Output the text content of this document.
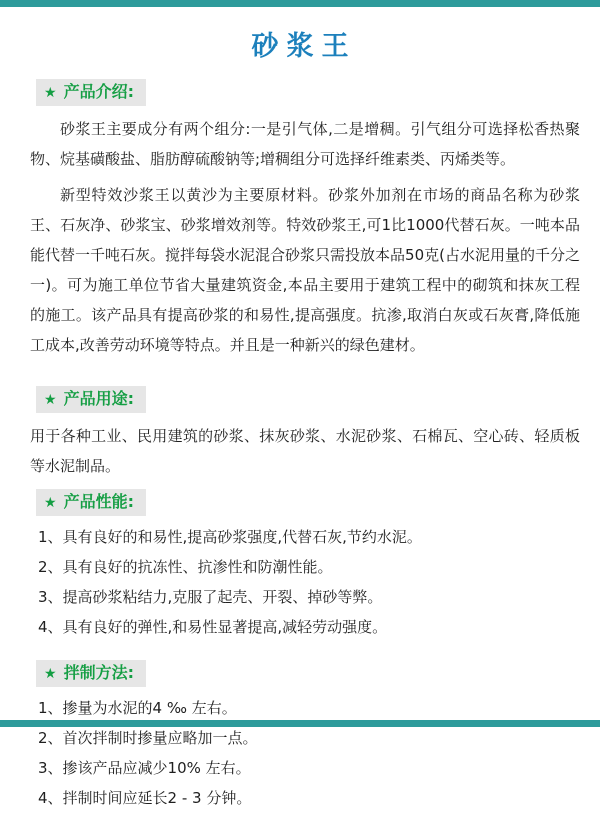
砂浆王
★ 产品介绍:

砂浆王主要成分有两个组分:一是引气体,二是增稠。引气组分可选择松香热聚物、烷基磺酸盐、脂肪醇硫酸钠等;增稠组分可选择纤维素类、丙烯类等。

新型特效沙浆王以黄沙为主要原材料。砂浆外加剂在市场的商品名称为砂浆王、石灰净、砂浆宝、砂浆增效剂等。特效砂浆王,可1比1000代替石灰。一吨本品能代替一千吨石灰。搅拌每袋水泥混合砂浆只需投放本品50克(占水泥用量的千分之一)。可为施工单位节省大量建筑资金,本品主要用于建筑工程中的砌筑和抹灰工程的施工。该产品具有提高砂浆的和易性,提高强度。抗渗,取消白灰或石灰膏,降低施工成本,改善劳动环境等特点。并且是一种新兴的绿色建材。

★ 产品用途:

用于各种工业、民用建筑的砂浆、抹灰砂浆、水泥砂浆、石棉瓦、空心砖、轻质板等水泥制品。

★ 产品性能:

1、具有良好的和易性,提高砂浆强度,代替石灰,节约水泥。

2、具有良好的抗冻性、抗渗性和防潮性能。

3、提高砂浆粘结力,克服了起壳、开裂、掉砂等弊。

4、具有良好的弹性,和易性显著提高,减轻劳动强度。

★ 拌制方法:

1、掺量为水泥的4 ‰ 左右。

2、首次拌制时掺量应略加一点。

3、掺该产品应减少10% 左右。

4、拌制时间应延长2 - 3 分钟。
